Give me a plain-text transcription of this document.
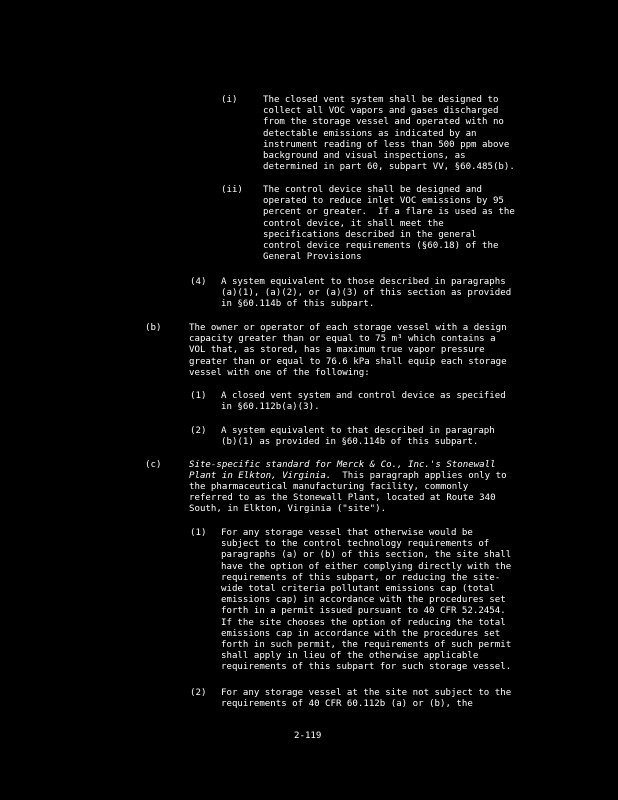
(i)	The closed vent system shall be designed to
collect all VOC vapors and gases discharged
from the storage vessel and operated with no
detectable emissions as indicated by an
instrument reading of less than 500 ppm above
background and visual inspections, as
determined in part 60, subpart VV, §60.485(b).
(ii) The control device shall be designed and
operated to reduce inlet VOC emissions by 95
percent or greater.  If a flare is used as the
control device, it shall meet the
specifications described in the general
control device requirements (§60.18) of the
General Provisions
(4) A system equivalent to those described in paragraphs
(a)(1), (a)(2), or (a)(3) of this section as provided
in §60.114b of this subpart.
(b)	The owner or operator of each storage vessel with a design
capacity greater than or equal to 75 m³ which contains a
VOL that, as stored, has a maximum true vapor pressure
greater than or equal to 76.6 kPa shall equip each storage
vessel with one of the following:
(1) A closed vent system and control device as specified
in §60.112b(a)(3).
(2) A system equivalent to that described in paragraph
(b)(1) as provided in §60.114b of this subpart.
(c)	Site-specific standard for Merck & Co., Inc.'s Stonewall
Plant in Elkton, Virginia.  This paragraph applies only to
the pharmaceutical manufacturing facility, commonly
referred to as the Stonewall Plant, located at Route 340
South, in Elkton, Virginia ("site").
(1) For any storage vessel that otherwise would be
subject to the control technology requirements of
paragraphs (a) or (b) of this section, the site shall
have the option of either complying directly with the
requirements of this subpart, or reducing the site-
wide total criteria pollutant emissions cap (total
emissions cap) in accordance with the procedures set
forth in a permit issued pursuant to 40 CFR 52.2454.
If the site chooses the option of reducing the total
emissions cap in accordance with the procedures set
forth in such permit, the requirements of such permit
shall apply in lieu of the otherwise applicable
requirements of this subpart for such storage vessel.
(2) For any storage vessel at the site not subject to the
requirements of 40 CFR 60.112b (a) or (b), the
2-119
